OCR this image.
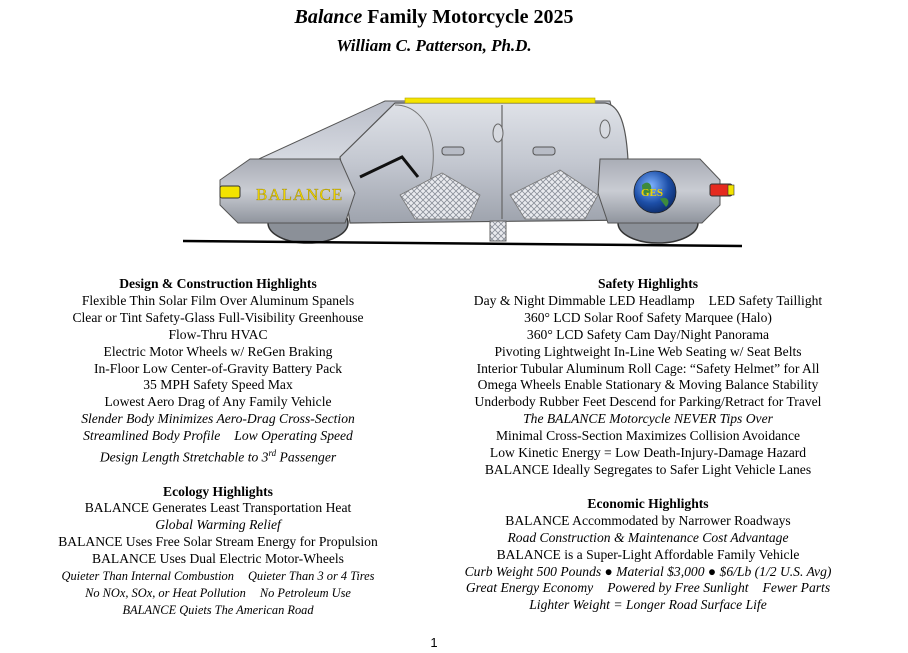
Balance Family Motorcycle 2025
William C. Patterson, Ph.D.
BALANCE	GES
Design & Construction Highlights
Flexible Thin Solar Film Over Aluminum Spanels
Clear or Tint Safety-Glass Full-Visibility Greenhouse
Flow-Thru HVAC
Electric Motor Wheels w/ ReGen Braking
In-Floor Low Center-of-Gravity Battery Pack
35 MPH Safety Speed Max
Lowest Aero Drag of Any Family Vehicle
Slender Body Minimizes Aero-Drag Cross-Section
Streamlined Body Profile Low Operating Speed
Design Length Stretchable to 3rd Passenger
Ecology Highlights
BALANCE Generates Least Transportation Heat
Global Warming Relief
BALANCE Uses Free Solar Stream Energy for Propulsion
BALANCE Uses Dual Electric Motor-Wheels
Quieter Than Internal Combustion Quieter Than 3 or 4 Tires
No NOx, SOx, or Heat Pollution No Petroleum Use
BALANCE Quiets The American Road
Safety Highlights
Day & Night Dimmable LED Headlamp LED Safety Taillight
360° LCD Solar Roof Safety Marquee (Halo)
360° LCD Safety Cam Day/Night Panorama
Pivoting Lightweight In-Line Web Seating w/ Seat Belts
Interior Tubular Aluminum Roll Cage: “Safety Helmet” for All
Omega Wheels Enable Stationary & Moving Balance Stability
Underbody Rubber Feet Descend for Parking/Retract for Travel
The BALANCE Motorcycle NEVER Tips Over
Minimal Cross-Section Maximizes Collision Avoidance
Low Kinetic Energy = Low Death-Injury-Damage Hazard
BALANCE Ideally Segregates to Safer Light Vehicle Lanes
Economic Highlights
BALANCE Accommodated by Narrower Roadways
Road Construction & Maintenance Cost Advantage
BALANCE is a Super-Light Affordable Family Vehicle
Curb Weight 500 Pounds ● Material $3,000 ● $6/Lb (1/2 U.S. Avg)
Great Energy Economy Powered by Free Sunlight Fewer Parts
Lighter Weight = Longer Road Surface Life
1
